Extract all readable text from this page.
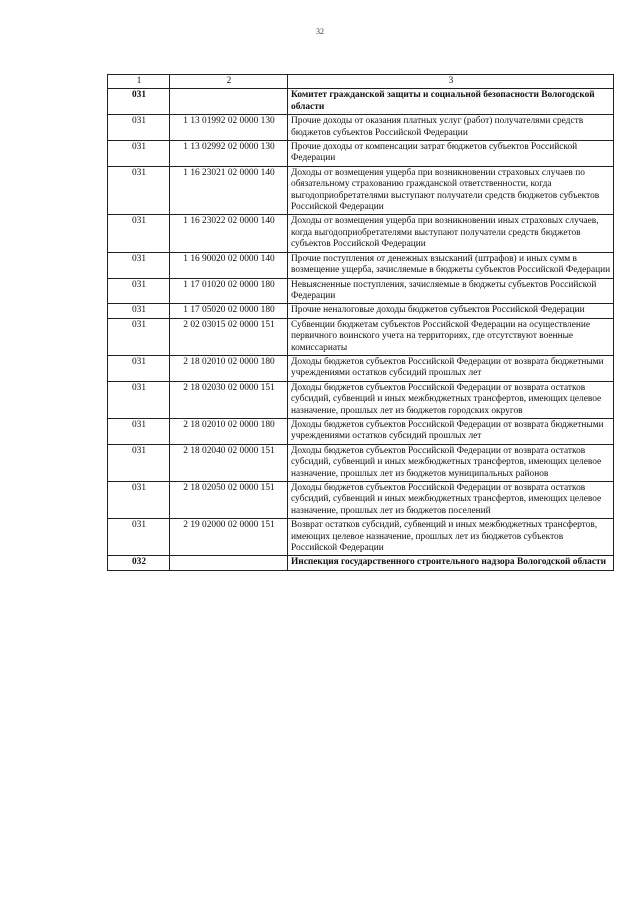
32
1	2	3
031		Комитет гражданской защиты и социальной безопасности Вологодской области
031	1 13 01992 02 0000 130	Прочие доходы от оказания платных услуг (работ) получателями средств бюджетов субъектов Российской Федерации
031	1 13 02992 02 0000 130	Прочие доходы от компенсации затрат бюджетов субъектов Российской Федерации
031	1 16 23021 02 0000 140	Доходы от возмещения ущерба при возникновении страховых случаев по обязательному страхованию гражданской ответственности, когда выгодоприобретателями выступают получатели средств бюджетов субъектов Российской Федерации
031	1 16 23022 02 0000 140	Доходы от возмещения ущерба при возникновении иных страховых случаев, когда выгодоприобретателями выступают получатели средств бюджетов субъектов Российской Федерации
031	1 16 90020 02 0000 140	Прочие поступления от денежных взысканий (штрафов) и иных сумм в возмещение ущерба, зачисляемые в бюджеты субъектов Российской Федерации
031	1 17 01020 02 0000 180	Невыясненные поступления, зачисляемые в бюджеты субъектов Российской Федерации
031	1 17 05020 02 0000 180	Прочие неналоговые доходы бюджетов субъектов Российской Федерации
031	2 02 03015 02 0000 151	Субвенции бюджетам субъектов Российской Федерации на осуществление первичного воинского учета на территориях, где отсутствуют военные комиссариаты
031	2 18 02010 02 0000 180	Доходы бюджетов субъектов Российской Федерации от возврата бюджетными учреждениями остатков субсидий прошлых лет
031	2 18 02030 02 0000 151	Доходы бюджетов субъектов Российской Федерации от возврата остатков субсидий, субвенций и иных межбюджетных трансфертов, имеющих целевое назначение, прошлых лет из бюджетов городских округов
031	2 18 02010 02 0000 180	Доходы бюджетов субъектов Российской Федерации от возврата бюджетными учреждениями остатков субсидий прошлых лет
031	2 18 02040 02 0000 151	Доходы бюджетов субъектов Российской Федерации от возврата остатков субсидий, субвенций и иных межбюджетных трансфертов, имеющих целевое назначение, прошлых лет из бюджетов муниципальных районов
031	2 18 02050 02 0000 151	Доходы бюджетов субъектов Российской Федерации от возврата остатков субсидий, субвенций и иных межбюджетных трансфертов, имеющих целевое назначение, прошлых лет из бюджетов поселений
031	2 19 02000 02 0000 151	Возврат остатков субсидий, субвенций и иных межбюджетных трансфертов, имеющих целевое назначение, прошлых лет из бюджетов субъектов Российской Федерации
032		Инспекция государственного строительного надзора Вологодской области
